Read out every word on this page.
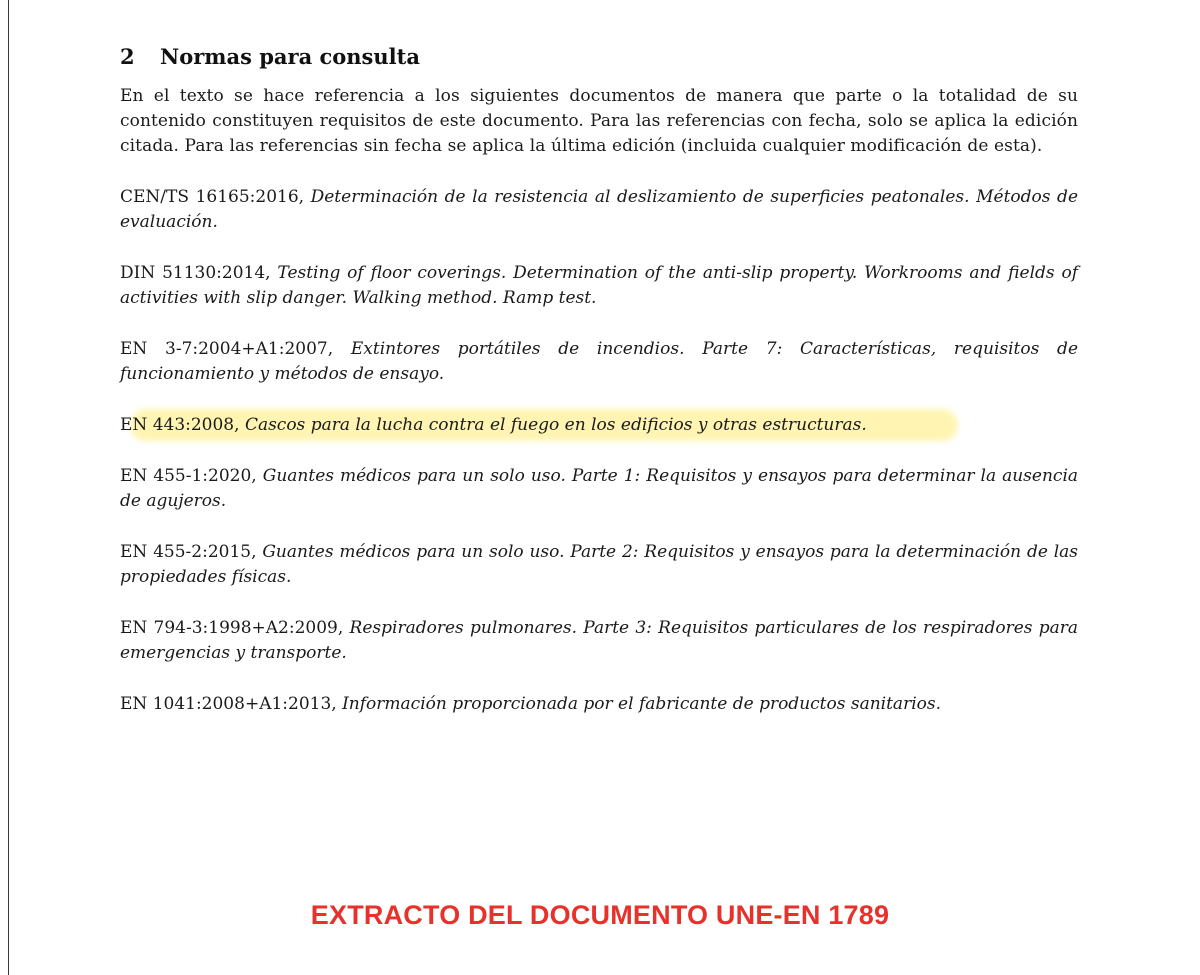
2 Normas para consulta

En el texto se hace referencia a los siguientes documentos de manera que parte o la totalidad de su contenido constituyen requisitos de este documento. Para las referencias con fecha, solo se aplica la edición citada. Para las referencias sin fecha se aplica la última edición (incluida cualquier modificación de esta).

CEN/TS 16165:2016, Determinación de la resistencia al deslizamiento de superficies peatonales. Métodos de evaluación.
DIN 51130:2014, Testing of floor coverings. Determination of the anti-slip property. Workrooms and fields of activities with slip danger. Walking method. Ramp test.
EN 3-7:2004+A1:2007, Extintores portátiles de incendios. Parte 7: Características, requisitos de funcionamiento y métodos de ensayo.
EN 443:2008, Cascos para la lucha contra el fuego en los edificios y otras estructuras.
EN 455-1:2020, Guantes médicos para un solo uso. Parte 1: Requisitos y ensayos para determinar la ausencia de agujeros.
EN 455-2:2015, Guantes médicos para un solo uso. Parte 2: Requisitos y ensayos para la determinación de las propiedades físicas.
EN 794-3:1998+A2:2009, Respiradores pulmonares. Parte 3: Requisitos particulares de los respiradores para emergencias y transporte.
EN 1041:2008+A1:2013, Información proporcionada por el fabricante de productos sanitarios.
EXTRACTO DEL DOCUMENTO UNE-EN 1789
